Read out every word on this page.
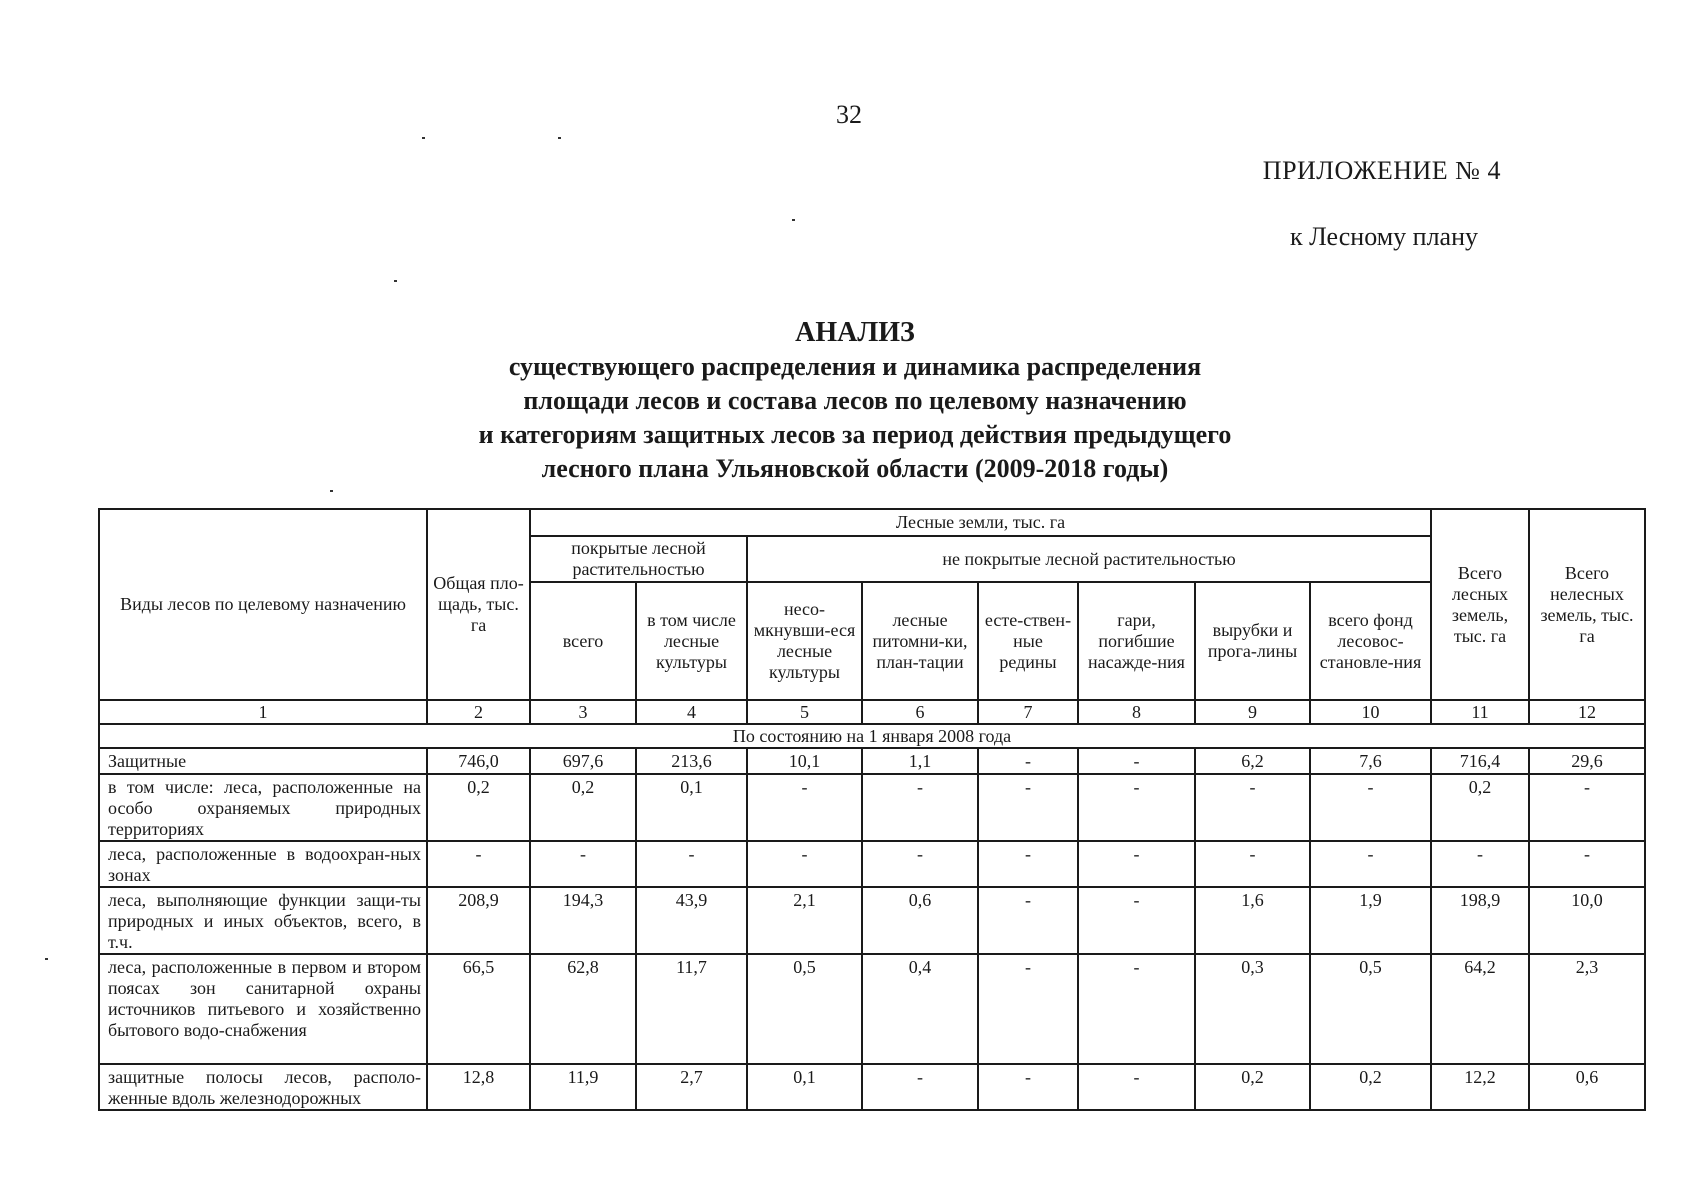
32
ПРИЛОЖЕНИЕ № 4
к Лесному плану
АНАЛИЗ
существующего распределения и динамика распределения
площади лесов и состава лесов по целевому назначению
и категориям защитных лесов за период действия предыдущего
лесного плана Ульяновской области (2009-2018 годы)
Виды лесов по целевому назначению	Общая пло-щадь, тыс. га	Лесные земли, тыс. га								Всего лесных земель, тыс. га	Всего нелесных земель, тыс. га
		покрытые лесной растительностью		не покрытые лесной растительностью							
		всего	в том числе лесные культуры	несо-мкнувши-еся лесные культуры	лесные питомни-ки, план-тации	есте-ствен-ные редины	гари, погибшие насажде-ния	вырубки и прога-лины	всего фонд лесовос-становле-ния		
1	2	3	4	5	6	7	8	9	10	11	12
По состоянию на 1 января 2008 года											
Защитные	746,0	697,6	213,6	10,1	1,1	-	-	6,2	7,6	716,4	29,6
в том числе: леса, расположенные на особо охраняемых природных территориях	0,2	0,2	0,1	-	-	-	-	-	-	0,2	-
леса, расположенные в водоохран-ных зонах	-	-	-	-	-	-	-	-	-	-	-
леса, выполняющие функции защи-ты природных и иных объектов, всего, в т.ч.	208,9	194,3	43,9	2,1	0,6	-	-	1,6	1,9	198,9	10,0
леса, расположенные в первом и втором поясах зон санитарной охраны источников питьевого и хозяйственно бытового водо-снабжения	66,5	62,8	11,7	0,5	0,4	-	-	0,3	0,5	64,2	2,3
защитные полосы лесов, располо-женные вдоль железнодорожных	12,8	11,9	2,7	0,1	-	-	-	0,2	0,2	12,2	0,6
